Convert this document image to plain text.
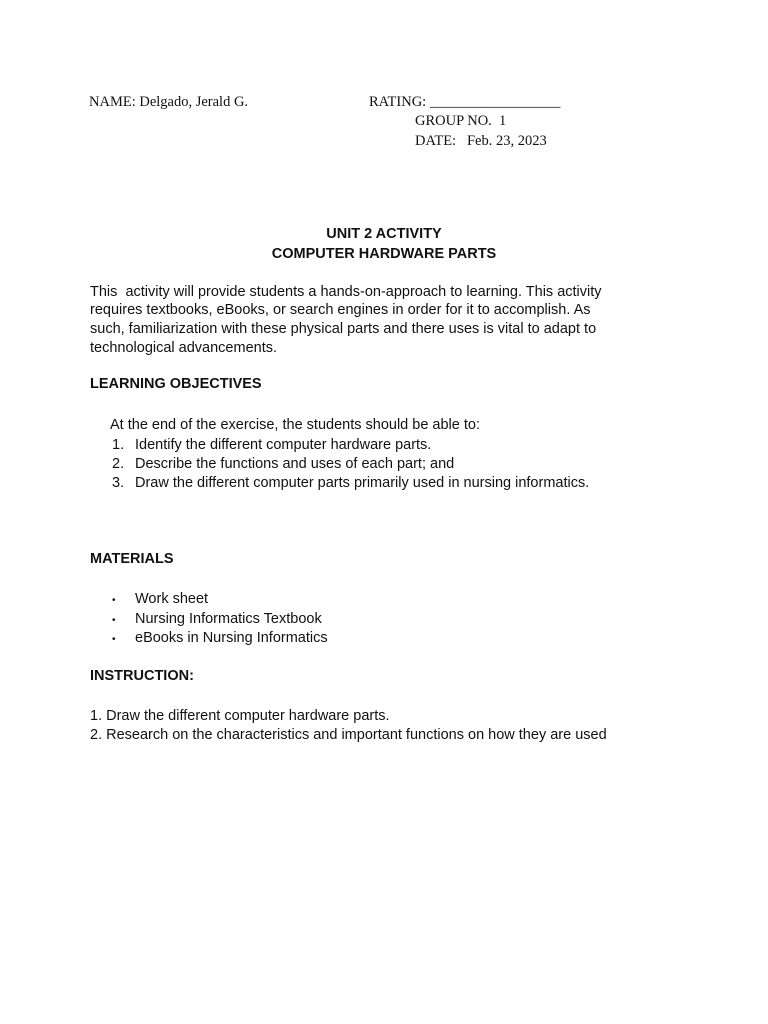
NAME: Delgado, Jerald G.	RATING: __________________
GROUP NO.  1
DATE:   Feb. 23, 2023
UNIT 2 ACTIVITY
COMPUTER HARDWARE PARTS
This  activity will provide students a hands-on-approach to learning. This activity
requires textbooks, eBooks, or search engines in order for it to accomplish. As
such, familiarization with these physical parts and there uses is vital to adapt to
technological advancements.
LEARNING OBJECTIVES
At the end of the exercise, the students should be able to:
1. Identify the different computer hardware parts.
2. Describe the functions and uses of each part; and
3. Draw the different computer parts primarily used in nursing informatics.
MATERIALS
• Work sheet
• Nursing Informatics Textbook
• eBooks in Nursing Informatics
INSTRUCTION:
1. Draw the different computer hardware parts.
2. Research on the characteristics and important functions on how they are used
